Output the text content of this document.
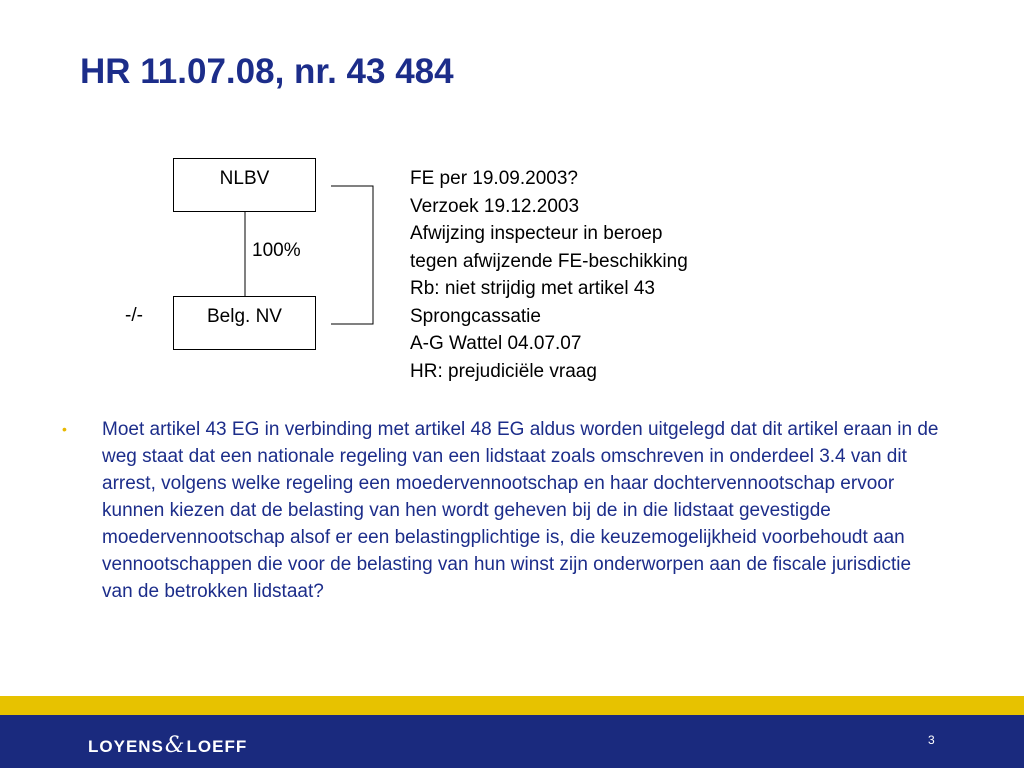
HR 11.07.08, nr. 43 484
NLBV
100%
-/-	Belg. NV
FE per 19.09.2003?
Verzoek 19.12.2003
Afwijzing inspecteur in beroep
tegen afwijzende FE-beschikking
Rb: niet strijdig met artikel 43
Sprongcassatie
A-G Wattel 04.07.07
HR: prejudiciële vraag
• Moet artikel 43 EG in verbinding met artikel 48 EG aldus worden uitgelegd dat dit artikel eraan in de weg staat dat een nationale regeling van een lidstaat zoals omschreven in onderdeel 3.4 van dit arrest, volgens welke regeling een moedervennootschap en haar dochtervennootschap ervoor kunnen kiezen dat de belasting van hen wordt geheven bij de in die lidstaat gevestigde moedervennootschap alsof er een belastingplichtige is, die keuzemogelijkheid voorbehoudt aan vennootschappen die voor de belasting van hun winst zijn onderworpen aan de fiscale jurisdictie van de betrokken lidstaat?
LOYENS&LOEFF	3
